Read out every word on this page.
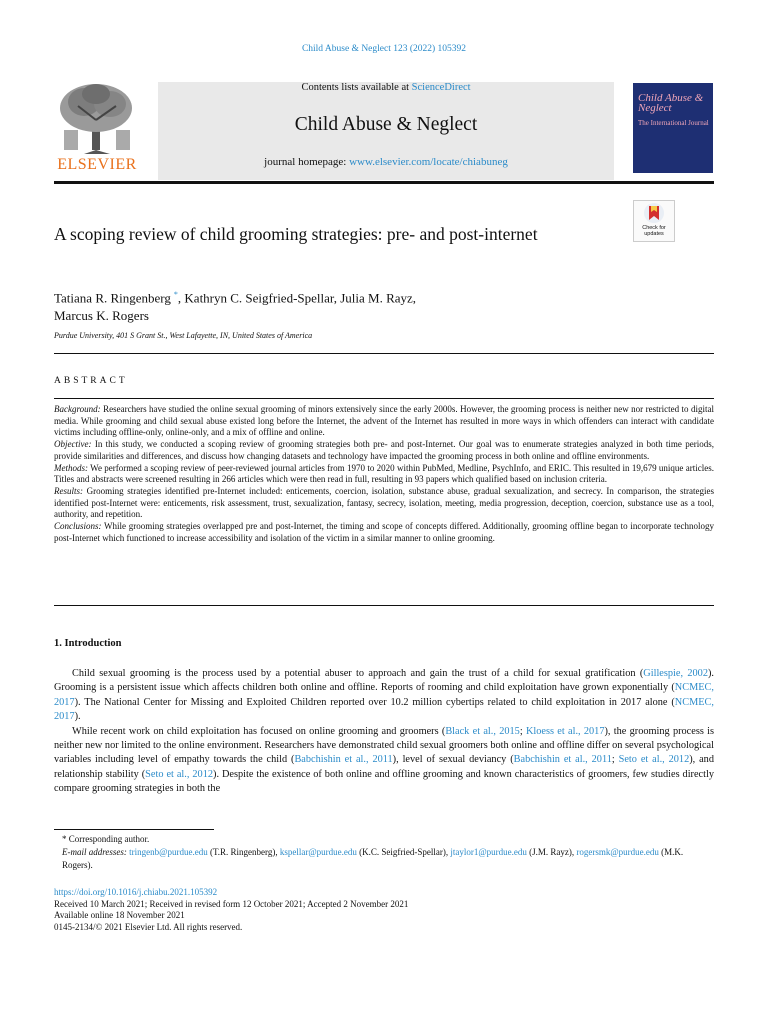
Child Abuse & Neglect 123 (2022) 105392
ELSEVIER
Contents lists available at ScienceDirect
Child Abuse & Neglect
journal homepage: www.elsevier.com/locate/chiabuneg
Child Abuse & Neglect
The International Journal
Check for updates
A scoping review of child grooming strategies: pre- and post-internet
Tatiana R. Ringenberg *, Kathryn C. Seigfried-Spellar, Julia M. Rayz,
Marcus K. Rogers
Purdue University, 401 S Grant St., West Lafayette, IN, United States of America
ABSTRACT

Background: Researchers have studied the online sexual grooming of minors extensively since the early 2000s. However, the grooming process is neither new nor restricted to digital media. While grooming and child sexual abuse existed long before the Internet, the advent of the Internet has resulted in more ways in which offenders can interact with candidate victims including offline-only, online-only, and a mix of offline and online.

Objective: In this study, we conducted a scoping review of grooming strategies both pre- and post-Internet. Our goal was to enumerate strategies analyzed in both time periods, provide similarities and differences, and discuss how changing datasets and technology have impacted the grooming process in both online and offline environments.

Methods: We performed a scoping review of peer-reviewed journal articles from 1970 to 2020 within PubMed, Medline, PsychInfo, and ERIC. This resulted in 19,679 unique articles. Titles and abstracts were screened resulting in 266 articles which were then read in full, resulting in 93 papers which qualified based on inclusion criteria.

Results: Grooming strategies identified pre-Internet included: enticements, coercion, isolation, substance abuse, gradual sexualization, and secrecy. In comparison, the strategies identified post-Internet were: enticements, risk assessment, trust, sexualization, fantasy, secrecy, isolation, meeting, media progression, deception, coercion, substance use as a tool, authority, and repetition.

Conclusions: While grooming strategies overlapped pre and post-Internet, the timing and scope of concepts differed. Additionally, grooming offline began to incorporate technology post-Internet which functioned to increase accessibility and isolation of the victim in a similar manner to online grooming.

1. Introduction

Child sexual grooming is the process used by a potential abuser to approach and gain the trust of a child for sexual gratification (Gillespie, 2002). Grooming is a persistent issue which affects children both online and offline. Reports of rooming and child exploitation have grown exponentially (NCMEC, 2017). The National Center for Missing and Exploited Children reported over 10.2 million cybertips related to child exploitation in 2017 alone (NCMEC, 2017).

While recent work on child exploitation has focused on online grooming and groomers (Black et al., 2015; Kloess et al., 2017), the grooming process is neither new nor limited to the online environment. Researchers have demonstrated child sexual groomers both online and offline differ on several psychological variables including level of empathy towards the child (Babchishin et al., 2011), level of sexual deviancy (Babchishin et al., 2011; Seto et al., 2012), and relationship stability (Seto et al., 2012). Despite the existence of both online and offline grooming and known characteristics of groomers, few studies directly compare grooming strategies in both the

* Corresponding author.

E-mail addresses: tringenb@purdue.edu (T.R. Ringenberg), kspellar@purdue.edu (K.C. Seigfried-Spellar), jtaylor1@purdue.edu (J.M. Rayz), rogersmk@purdue.edu (M.K. Rogers).

https://doi.org/10.1016/j.chiabu.2021.105392
Received 10 March 2021; Received in revised form 12 October 2021; Accepted 2 November 2021
Available online 18 November 2021
0145-2134/© 2021 Elsevier Ltd. All rights reserved.
